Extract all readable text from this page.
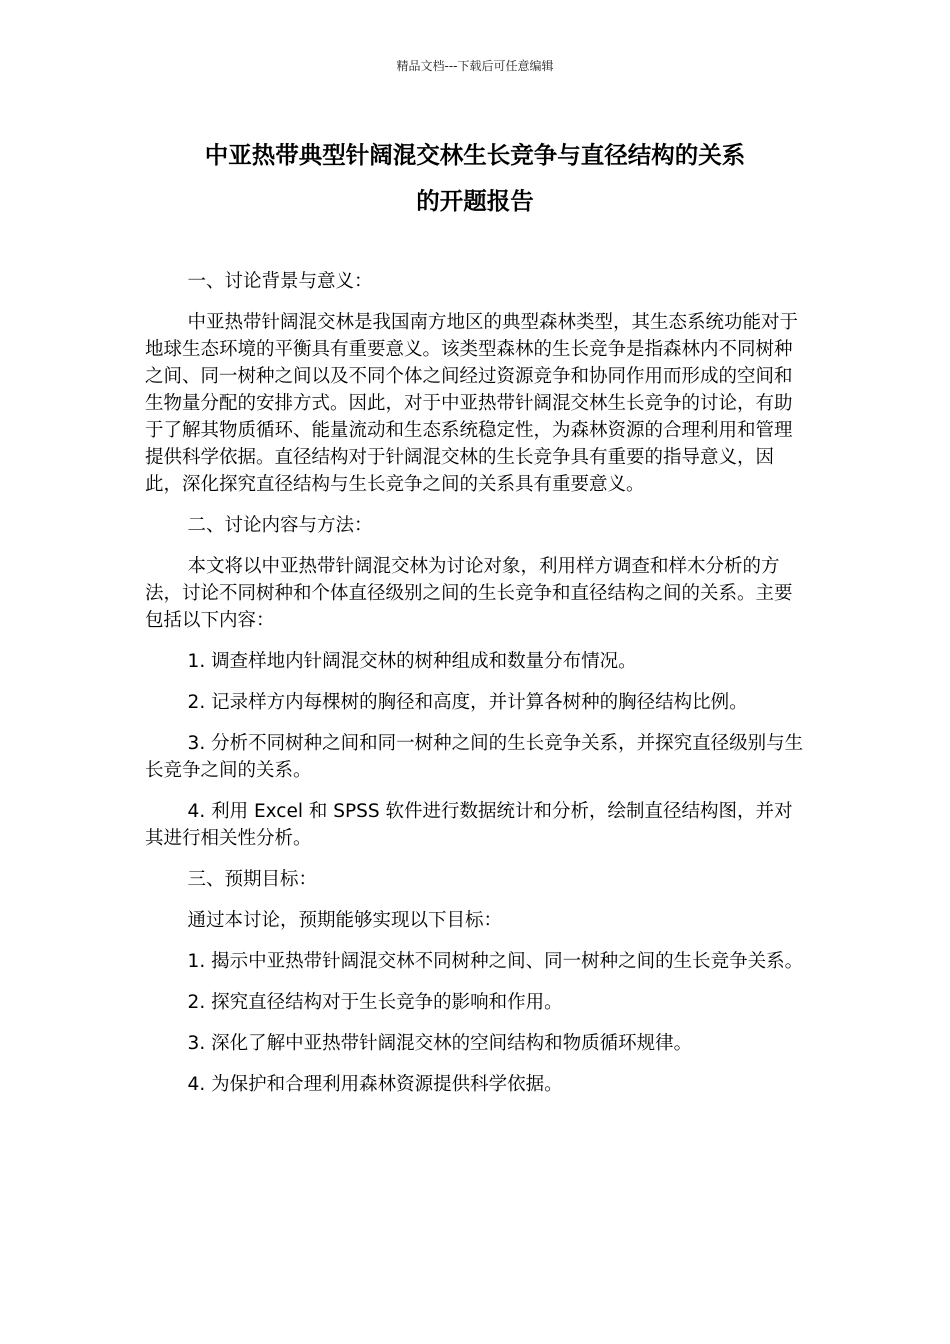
精品文档---下载后可任意编辑
中亚热带典型针阔混交林生长竞争与直径结构的关系
的开题报告

一、讨论背景与意义：

中亚热带针阔混交林是我国南方地区的典型森林类型，其生态系统功能对于地球生态环境的平衡具有重要意义。该类型森林的生长竞争是指森林内不同树种之间、同一树种之间以及不同个体之间经过资源竞争和协同作用而形成的空间和生物量分配的安排方式。因此，对于中亚热带针阔混交林生长竞争的讨论，有助于了解其物质循环、能量流动和生态系统稳定性，为森林资源的合理利用和管理提供科学依据。直径结构对于针阔混交林的生长竞争具有重要的指导意义，因此，深化探究直径结构与生长竞争之间的关系具有重要意义。

二、讨论内容与方法：

本文将以中亚热带针阔混交林为讨论对象，利用样方调查和样木分析的方法，讨论不同树种和个体直径级别之间的生长竞争和直径结构之间的关系。主要包括以下内容：

1. 调查样地内针阔混交林的树种组成和数量分布情况。

2. 记录样方内每棵树的胸径和高度，并计算各树种的胸径结构比例。

3. 分析不同树种之间和同一树种之间的生长竞争关系，并探究直径级别与生长竞争之间的关系。

4. 利用 Excel 和 SPSS 软件进行数据统计和分析，绘制直径结构图，并对其进行相关性分析。

三、预期目标：

通过本讨论，预期能够实现以下目标：

1. 揭示中亚热带针阔混交林不同树种之间、同一树种之间的生长竞争关系。

2. 探究直径结构对于生长竞争的影响和作用。

3. 深化了解中亚热带针阔混交林的空间结构和物质循环规律。

4. 为保护和合理利用森林资源提供科学依据。
